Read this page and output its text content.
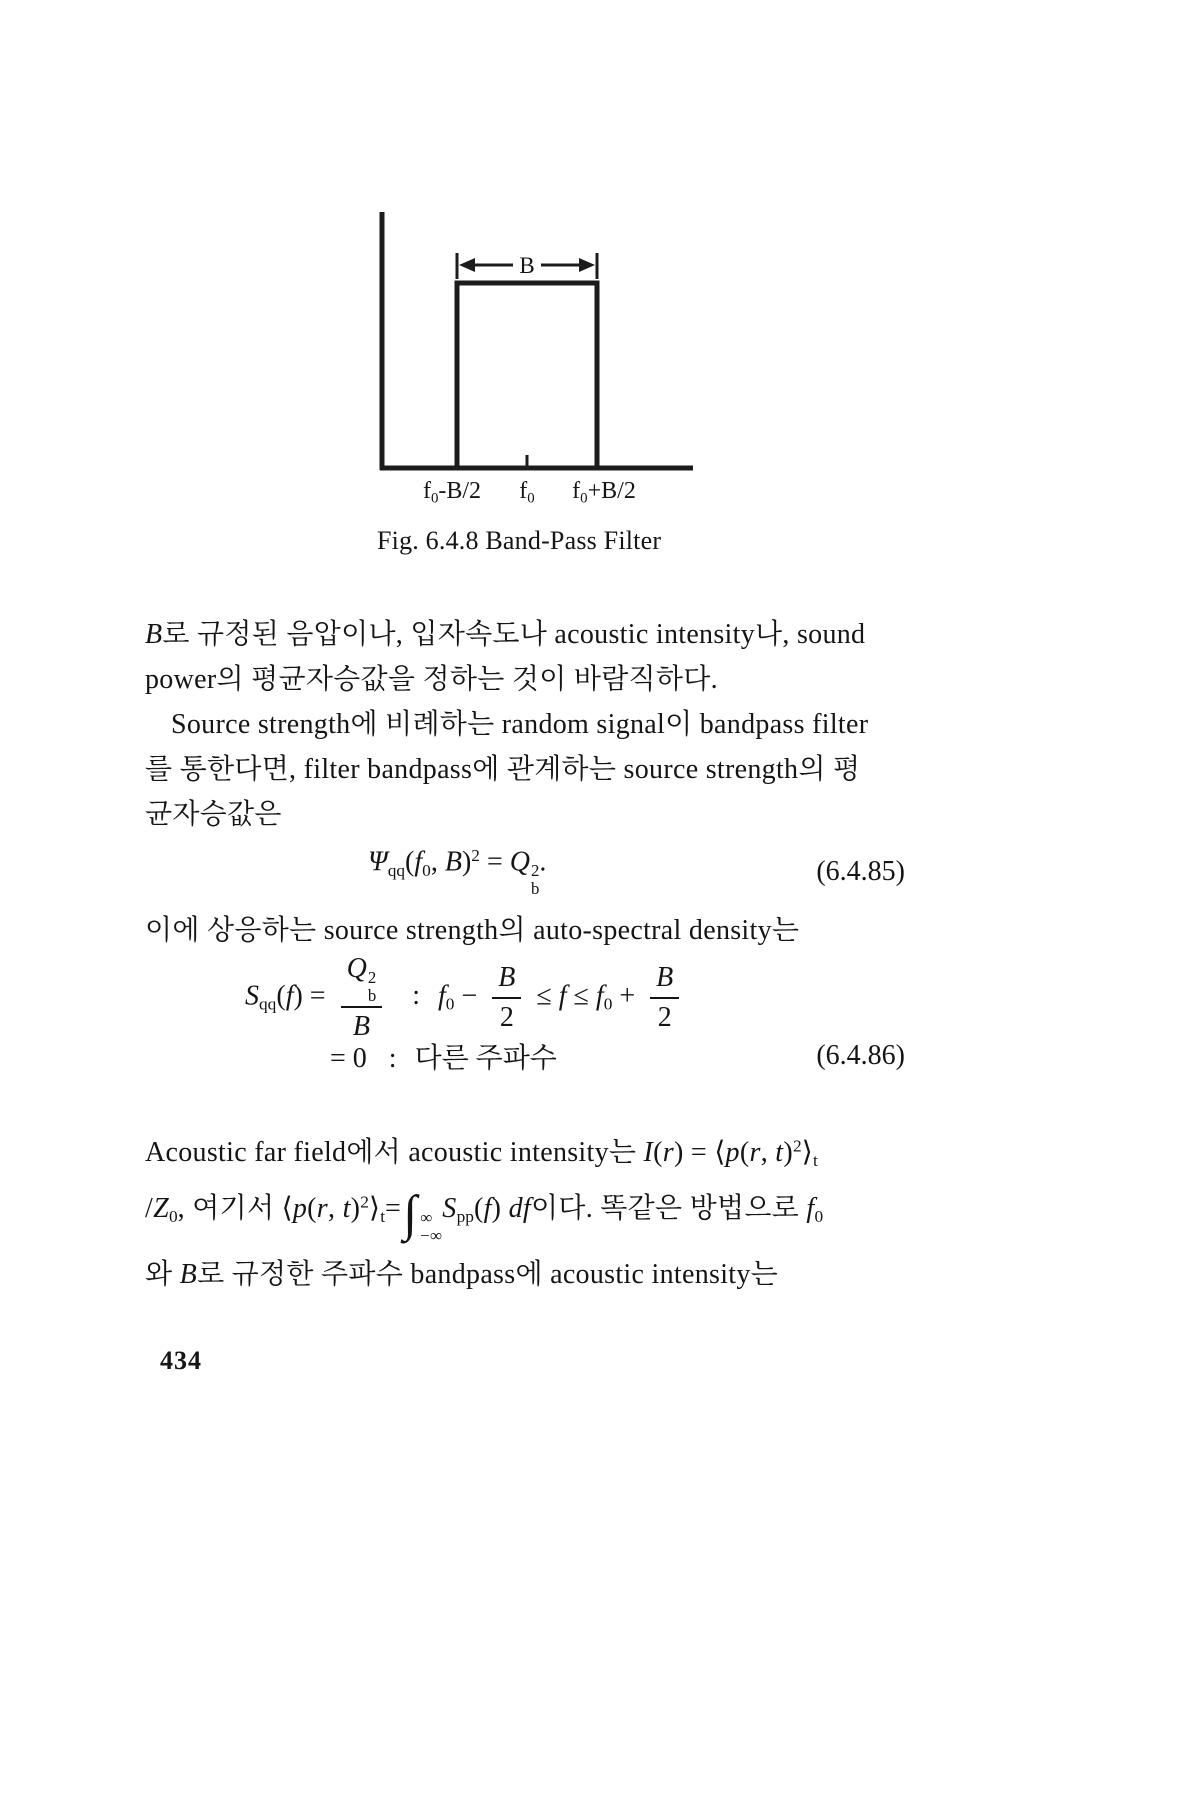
B
$f_0-B/2$ $f_0$ $f_0+B/2$
Fig. 6.4.8 Band-Pass Filter
B로 규정된 음압이나, 입자속도나 acoustic intensity나, sound
power의 평균자승값을 정하는 것이 바람직하다.
Source strength에 비례하는 random signal이 bandpass filter
를 통한다면, filter bandpass에 관계하는 source strength의 평
균자승값은
$\Psi_{qq}(f_0$, B)$^2$ = Q 2
b
.	(6.4.85)
이에 상응하는 source strength의 auto-spectral density는
$S_{qq}(f) = Q$ 2
b
B : $f_0 - \frac{B}{2} \le f \le f_0 + \frac{B}{2}$
= 0 : 다른 주파수	(6.4.86)
Acoustic far field에서 acoustic intensity는 I(r) = ⟨p(r, $t)^2⟩_t$
$/Z_0$, 여기서 ⟨p(r, $t)^2⟩_t=\int$ ∞
−∞
$S_{pp}(f)$ df이다. 똑같은 방법으로 $f_0$
와 B로 규정한 주파수 bandpass에 acoustic intensity는
434
